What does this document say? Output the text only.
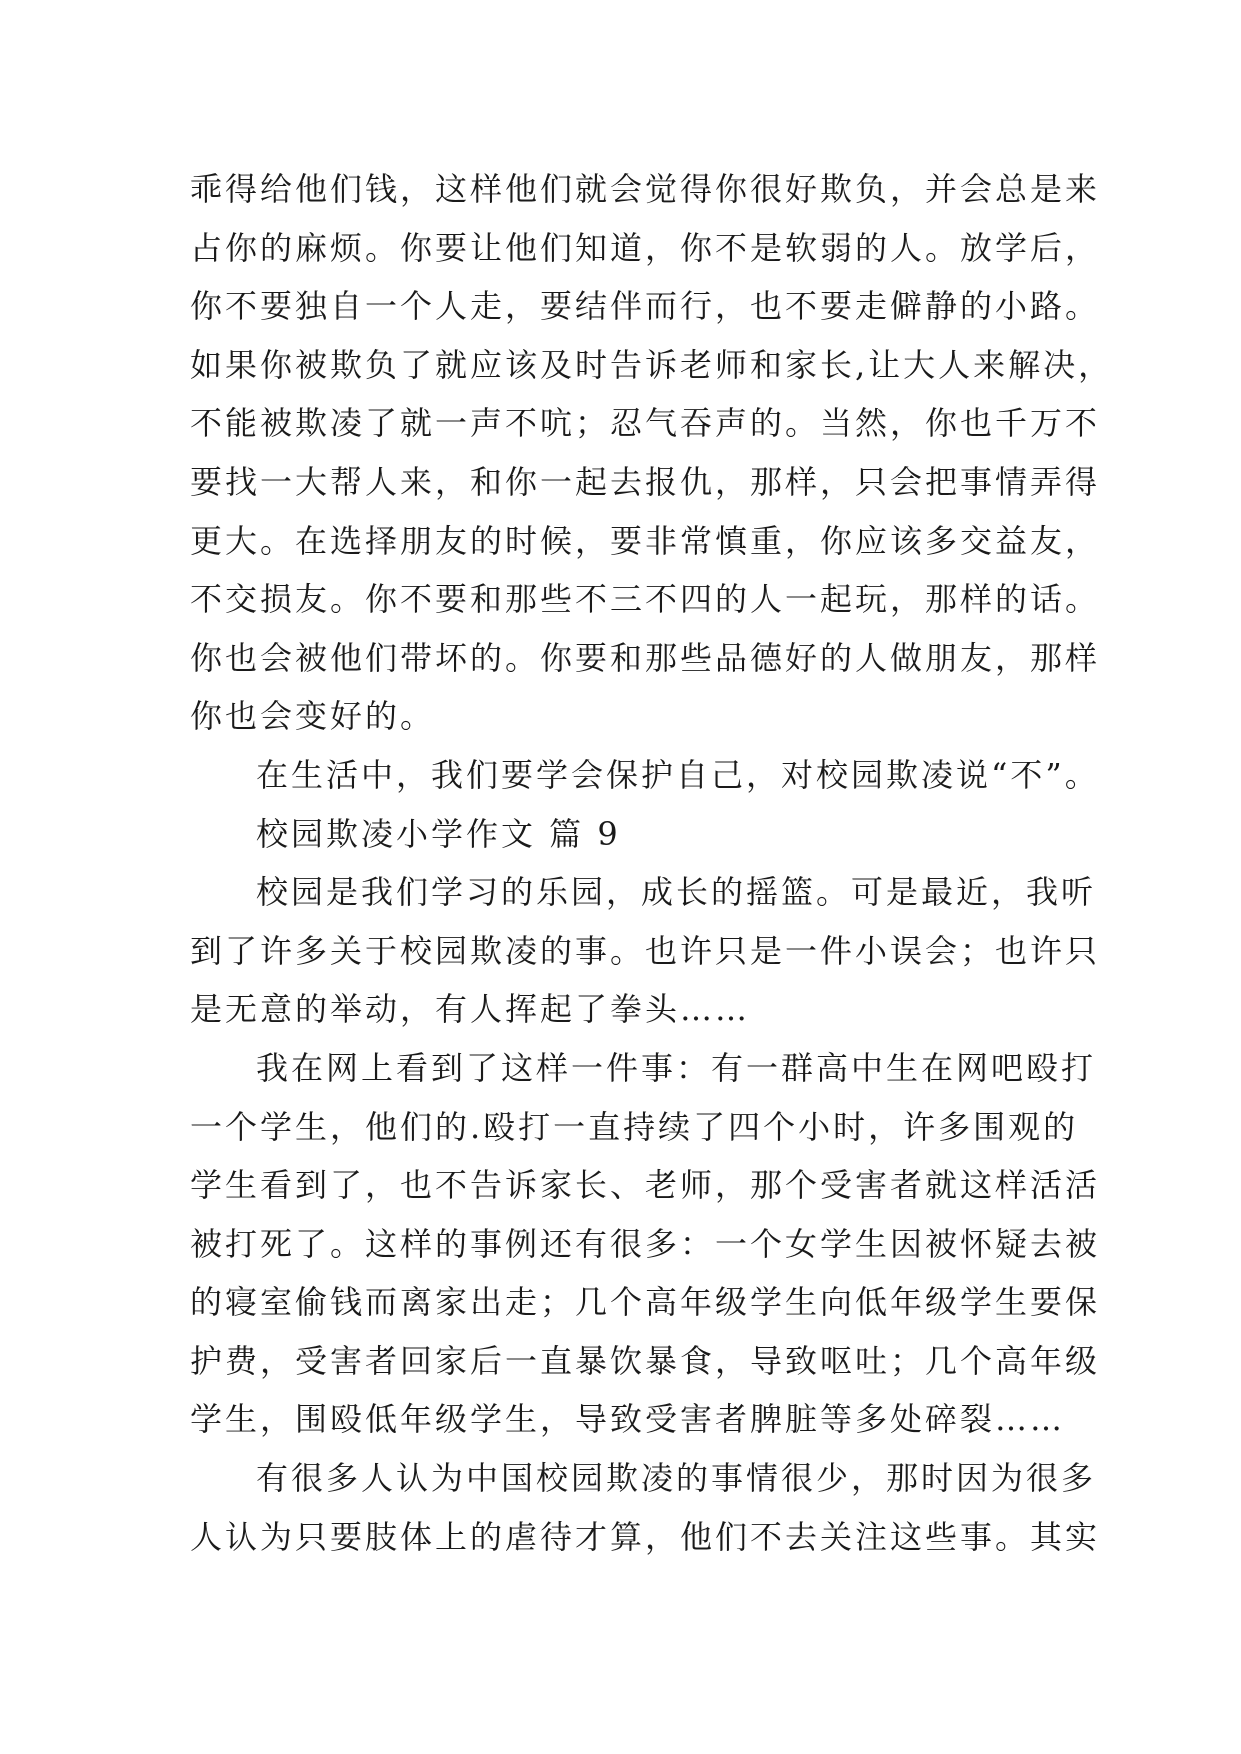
乖得给他们钱，这样他们就会觉得你很好欺负，并会总是来
占你的麻烦。你要让他们知道，你不是软弱的人。放学后，
你不要独自一个人走，要结伴而行，也不要走僻静的小路。
如果你被欺负了就应该及时告诉老师和家长,让大人来解决，
不能被欺凌了就一声不吭；忍气吞声的。当然，你也千万不
要找一大帮人来，和你一起去报仇，那样，只会把事情弄得
更大。在选择朋友的时候，要非常慎重，你应该多交益友，
不交损友。你不要和那些不三不四的人一起玩，那样的话。
你也会被他们带坏的。你要和那些品德好的人做朋友，那样
你也会变好的。
在生活中，我们要学会保护自己，对校园欺凌说“不”。
校园欺凌小学作文 篇 9
校园是我们学习的乐园，成长的摇篮。可是最近，我听
到了许多关于校园欺凌的事。也许只是一件小误会；也许只
是无意的举动，有人挥起了拳头……
我在网上看到了这样一件事：有一群高中生在网吧殴打
一个学生，他们的.殴打一直持续了四个小时，许多围观的
学生看到了，也不告诉家长、老师，那个受害者就这样活活
被打死了。这样的事例还有很多：一个女学生因被怀疑去被
的寝室偷钱而离家出走；几个高年级学生向低年级学生要保
护费，受害者回家后一直暴饮暴食，导致呕吐；几个高年级
学生，围殴低年级学生，导致受害者脾脏等多处碎裂……
有很多人认为中国校园欺凌的事情很少，那时因为很多
人认为只要肢体上的虐待才算，他们不去关注这些事。其实
